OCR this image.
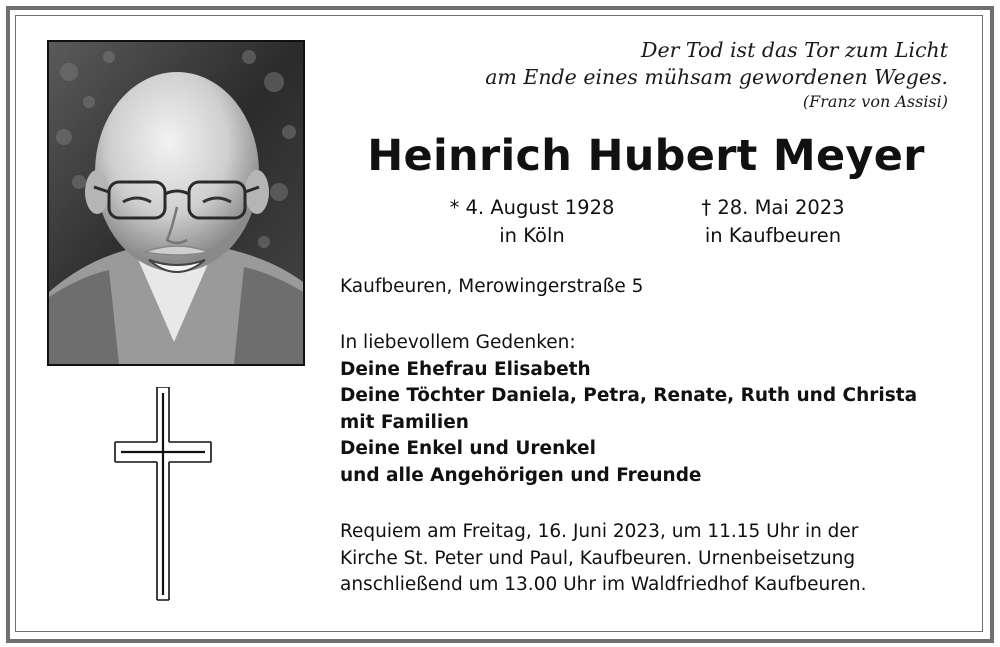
Der Tod ist das Tor zum Licht
am Ende eines mühsam gewordenen Weges.
(Franz von Assisi)
Heinrich Hubert Meyer
* 4. August 1928
in Köln
† 28. Mai 2023
in Kaufbeuren
Kaufbeuren, Merowingerstraße 5
In liebevollem Gedenken:
Deine Ehefrau Elisabeth
Deine Töchter Daniela, Petra, Renate, Ruth und Christa
mit Familien
Deine Enkel und Urenkel
und alle Angehörigen und Freunde
Requiem am Freitag, 16. Juni 2023, um 11.15 Uhr in der
Kirche St. Peter und Paul, Kaufbeuren. Urnenbeisetzung
anschließend um 13.00 Uhr im Waldfriedhof Kaufbeuren.
